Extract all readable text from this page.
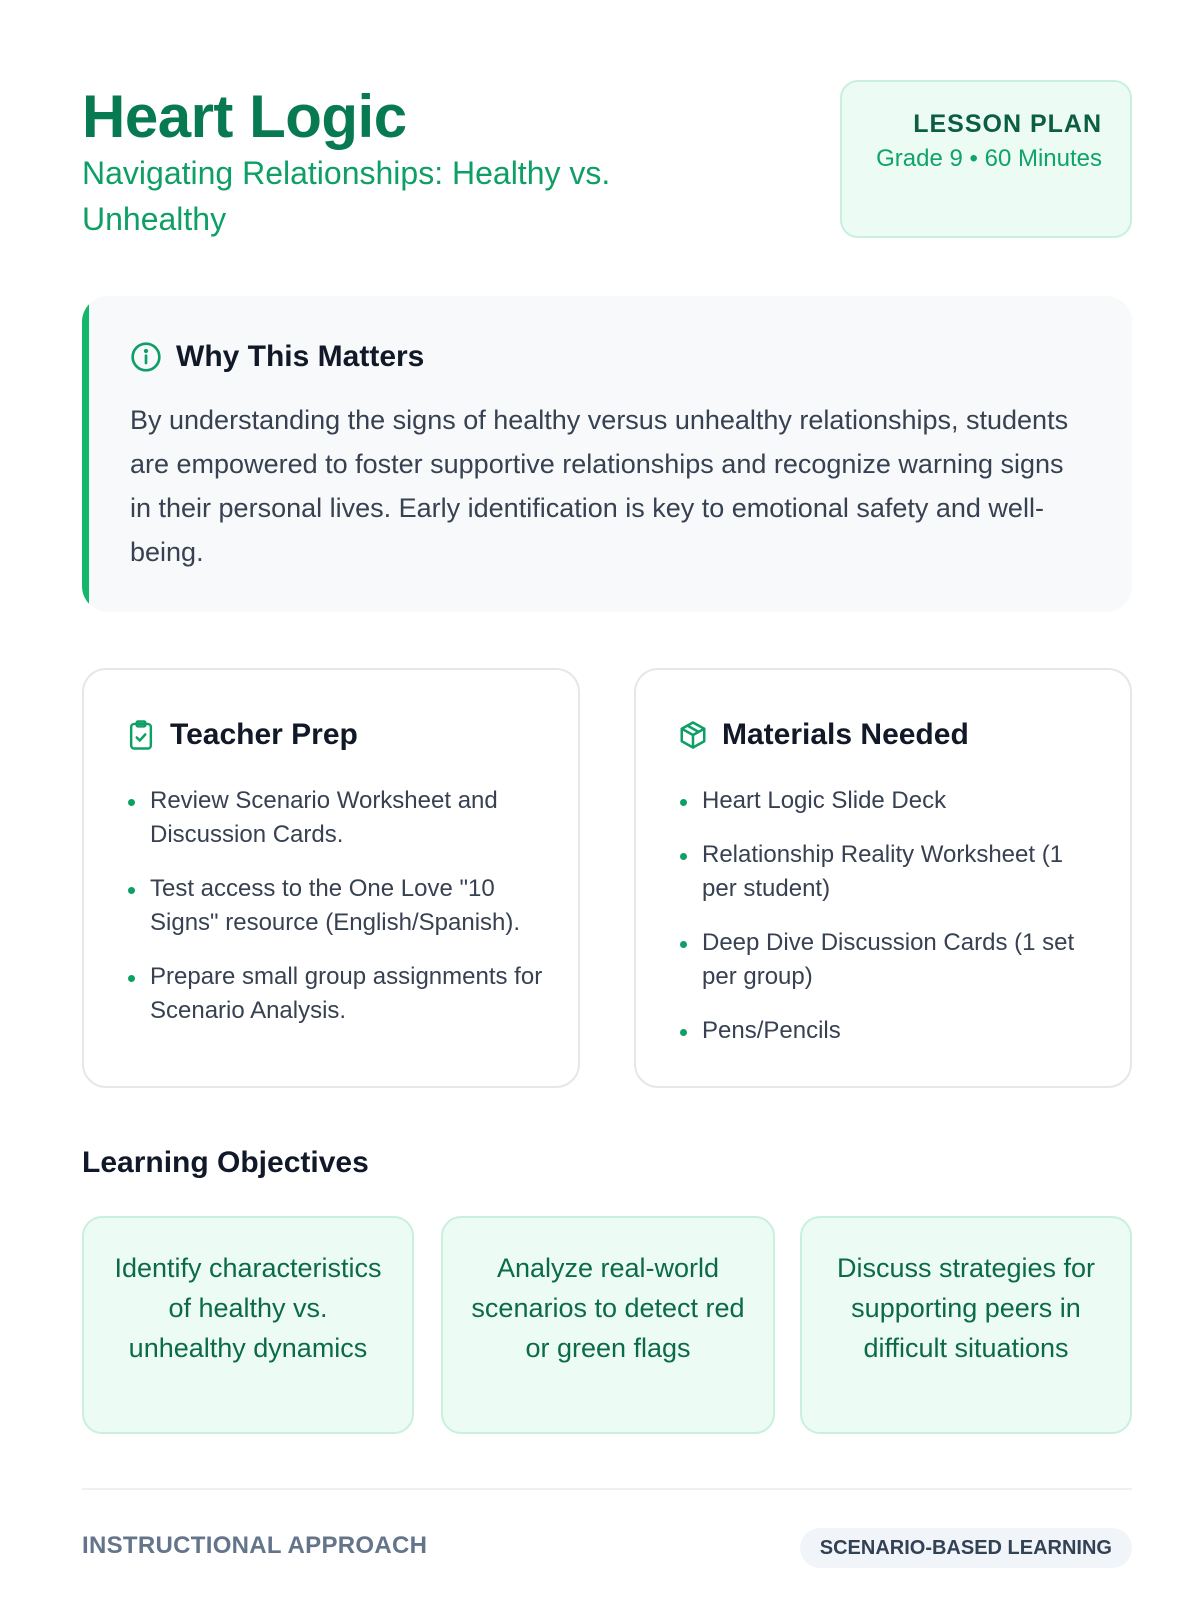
Heart Logic
Navigating Relationships: Healthy vs. Unhealthy
LESSON PLAN
Grade 9 • 60 Minutes
Why This Matters

By understanding the signs of healthy versus unhealthy relationships, students are empowered to foster supportive relationships and recognize warning signs in their personal lives. Early identification is key to emotional safety and well-being.

Teacher Prep
Review Scenario Worksheet and Discussion Cards.
Test access to the One Love "10 Signs" resource (English/Spanish).
Prepare small group assignments for Scenario Analysis.
Materials Needed
Heart Logic Slide Deck
Relationship Reality Worksheet (1 per student)
Deep Dive Discussion Cards (1 set per group)
Pens/Pencils
Learning Objectives
Identify characteristics of healthy vs. unhealthy dynamics
Analyze real-world scenarios to detect red or green flags
Discuss strategies for supporting peers in difficult situations
INSTRUCTIONAL APPROACH	SCENARIO-BASED LEARNING
